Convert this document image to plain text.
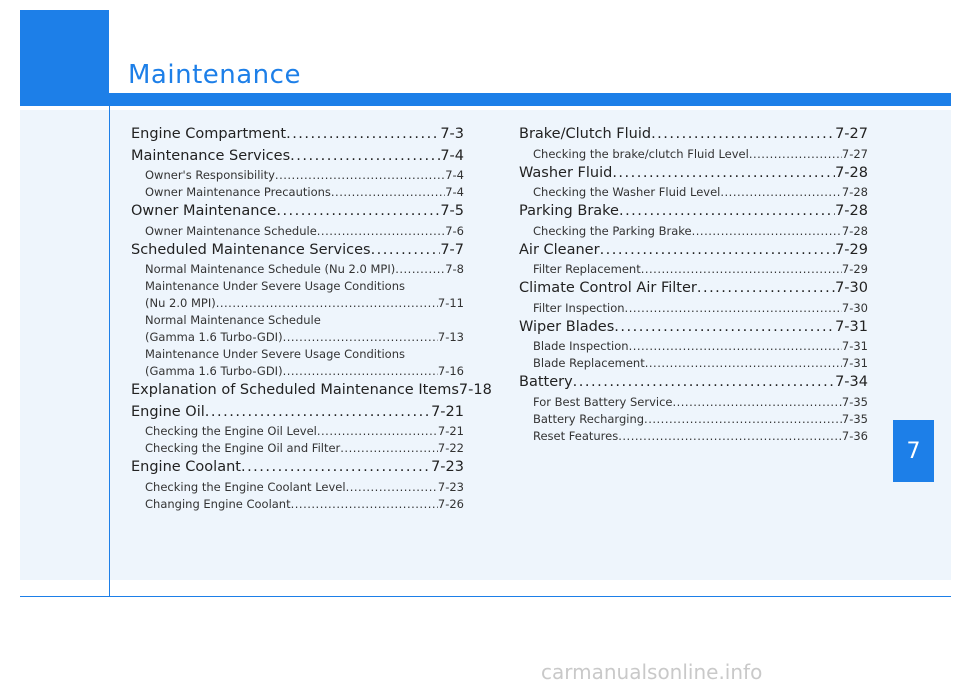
Maintenance
7
Engine Compartment .....	7-3
Maintenance Services .....	7-4
Owner's Responsibility .....	7-4
Owner Maintenance Precautions .....	7-4
Owner Maintenance .....	7-5
Owner Maintenance Schedule .....	7-6
Scheduled Maintenance Services .....	7-7
Normal Maintenance Schedule (Nu 2.0 MPI) .....	7-8
Maintenance Under Severe Usage Conditions
(Nu 2.0 MPI) .....	7-11
Normal Maintenance Schedule
(Gamma 1.6 Turbo-GDI) .....	7-13
Maintenance Under Severe Usage Conditions
(Gamma 1.6 Turbo-GDI) .....	7-16
Explanation of Scheduled Maintenance Items 7-18
Engine Oil .....	7-21
Checking the Engine Oil Level .....	7-21
Checking the Engine Oil and Filter .....	7-22
Engine Coolant .....	7-23
Checking the Engine Coolant Level .....	7-23
Changing Engine Coolant .....	7-26
Brake/Clutch Fluid .....	7-27
Checking the brake/clutch Fluid Level .....	7-27
Washer Fluid .....	7-28
Checking the Washer Fluid Level .....	7-28
Parking Brake .....	7-28
Checking the Parking Brake .....	7-28
Air Cleaner .....	7-29
Filter Replacement .....	7-29
Climate Control Air Filter .....	7-30
Filter Inspection .....	7-30
Wiper Blades .....	7-31
Blade Inspection .....	7-31
Blade Replacement .....	7-31
Battery .....	7-34
For Best Battery Service .....	7-35
Battery Recharging .....	7-35
Reset Features .....	7-36
carmanualsonline.info
